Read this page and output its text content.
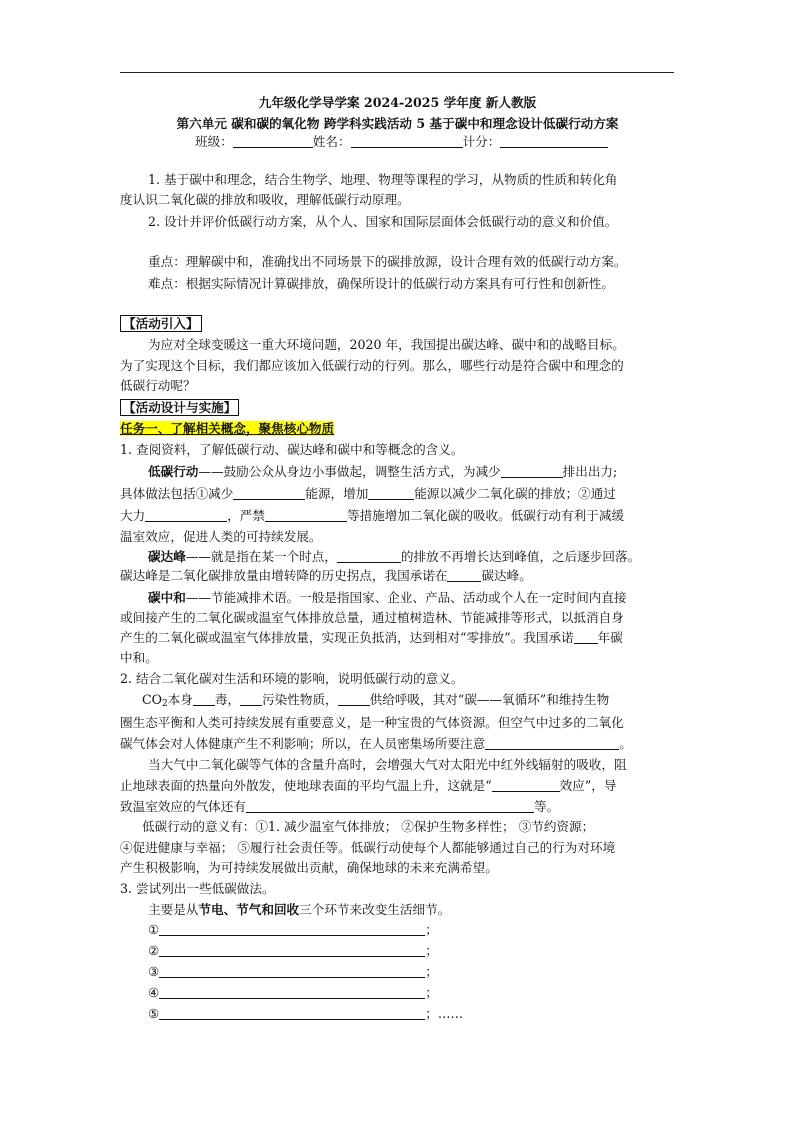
九年级化学导学案 2024-2025 学年度 新人教版
第六单元 碳和碳的氧化物 跨学科实践活动 5 基于碳中和理念设计低碳行动方案
班级：	姓名：	计分：
1. 基于碳中和理念，结合生物学、地理、物理等课程的学习，从物质的性质和转化角
度认识二氧化碳的排放和吸收，理解低碳行动原理。
2. 设计并评价低碳行动方案，从个人、国家和国际层面体会低碳行动的意义和价值。
重点：理解碳中和，准确找出不同场景下的碳排放源，设计合理有效的低碳行动方案。
难点：根据实际情况计算碳排放，确保所设计的低碳行动方案具有可行性和创新性。
【活动引入】
为应对全球变暖这一重大环境问题，2020 年，我国提出碳达峰、碳中和的战略目标。
为了实现这个目标，我们都应该加入低碳行动的行列。那么，哪些行动是符合碳中和理念的
低碳行动呢？
【活动设计与实施】
任务一、了解相关概念，聚焦核心物质
1. 查阅资料，了解低碳行动、碳达峰和碳中和等概念的含义。
低碳行动——鼓励公众从身边小事做起，调整生活方式，为减少	排出出力;
具体做法包括①减少	能源，增加	能源以减少二氧化碳的排放；②通过
大力	，严禁	等措施增加二氧化碳的吸收。低碳行动有利于减缓
温室效应，促进人类的可持续发展。
碳达峰——就是指在某一个时点，	的排放不再增长达到峰值，之后逐步回落。
碳达峰是二氧化碳排放量由增转降的历史拐点，我国承诺在	碳达峰。
碳中和——节能减排术语。一般是指国家、企业、产品、活动或个人在一定时间内直接
或间接产生的二氧化碳或温室气体排放总量，通过植树造林、节能减排等形式，以抵消自身
产生的二氧化碳或温室气体排放量，实现正负抵消，达到相对“零排放”。我国承诺 年碳
中和。
2. 结合二氧化碳对生活和环境的影响，说明低碳行动的意义。
$CO_2$本身 毒， 污染性物质，	供给呼吸，其对“碳——氧循环”和维持生物
圈生态平衡和人类可持续发展有重要意义，是一种宝贵的气体资源。但空气中过多的二氧化
碳气体会对人体健康产生不利影响；所以，在人员密集场所要注意	。
当大气中二氧化碳等气体的含量升高时，会增强大气对太阳光中红外线辐射的吸收，阻
止地球表面的热量向外散发，使地球表面的平均气温上升，这就是“	效应”，导
致温室效应的气体还有	等。
低碳行动的意义有：①1. 减少温室气体排放； ②保护生物多样性； ③节约资源；
④促进健康与幸福； ⑤履行社会责任等。低碳行动使每个人都能够通过自己的行为对环境
产生积极影响，为可持续发展做出贡献，确保地球的未来充满希望。
3. 尝试列出一些低碳做法。
主要是从节电、节气和回收三个环节来改变生活细节。
①	；
②	；
③	；
④	；
⑤	；……
